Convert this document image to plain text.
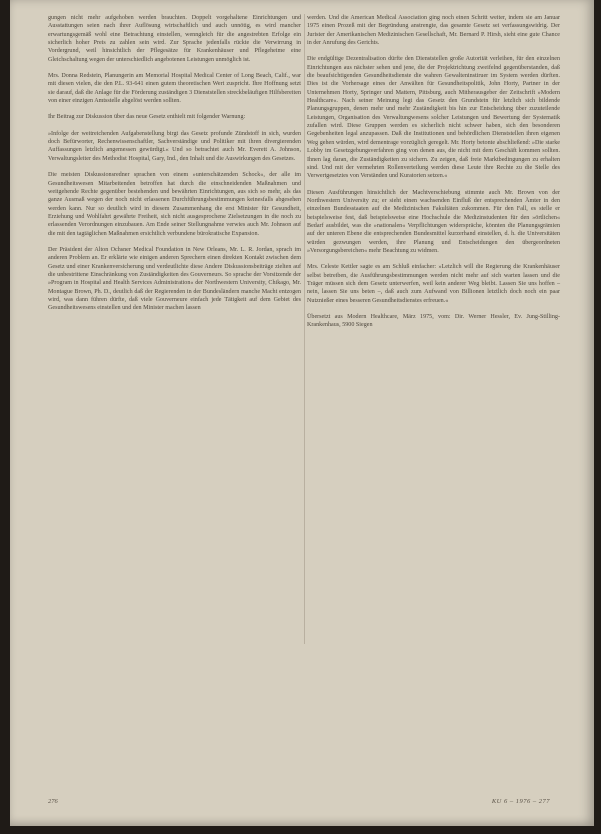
gungen nicht mehr aufgehoben werden brauchten. Doppelt vorgehaltene Einrichtungen und Ausstattungen seien nach ihrer Auflösung wirtschaftlich und auch unnötig, es wird mancher erwartungsgemäß wohl eine Betrachtung einstellen, wenngleich für die angestrebten Erfolge ein sicherlich hoher Preis zu zahlen sein wird. Zur Sprache jedenfalls rückte die Verwirrung in Vordergrund, weil hinsichtlich der Pflegesätze für Krankenhäuser und Pflegeheime eine Gleichschaltung wegen der unterschiedlich angebotenen Leistungen unmöglich ist.

Mrs. Donna Redstein, Planungerin am Memorial Hospital Medical Center of Long Beach, Calif., war mit diesen vielen, die den P.L. 93-641 einen gutem theoretischen Wert zuspricht. Ihre Hoffnung setzt sie darauf, daß die Anlage für die Förderung zuständigen 3 Dienststellen streckbeläufigen Hilfsbereiten von einer einzigen Amtsstelle abgelöst werden sollten.

Ihr Beitrag zur Diskussion über das neue Gesetz enthielt mit folgender Warnung:

»Infolge der weitreichenden Aufgabenstellung birgt das Gesetz profunde Zündstoff in sich, wurden doch Befürworter, Rechenwissenschaftler, Sachverständige und Politiker mit ihren divergierenden Auffassungen letzlich angemessen gewürdigt.« Und so betrachtet auch Mr. Everett A. Johnson, Verwaltungsleiter des Methodist Hospital, Gary, Ind., den Inhalt und die Auswirkungen des Gesetzes.

Die meisten Diskussionsredner sprachen von einem »unterschätzenden Schock«, der alle im Gesundheitswesen Mitarbeitenden betroffen hat durch die einschneidenden Maßnahmen und weitgehende Rechte gegenüber bestehenden und bewährten Einrichtungen, aus sich so mehr, als das ganze Ausmaß wegen der noch nicht erlassenen Durchführungsbestimmungen keinesfalls abgesehen werden kann. Nur so deutlich wird in diesem Zusammenhang die erst Minister für Gesundheit, Erziehung und Wohlfahrt gewährte Freiheit, sich nicht ausgesprochene Zielsetzungen in die noch zu erlassenden Verordnungen einzubauen. Am Ende seiner Stellungnahme verwies auch Mr. Johnson auf die mit den tagtäglichen Maßnahmen ersichtlich verbundene bürokratische Expansion.

Der Präsident der Alton Ochsner Medical Foundation in New Orleans, Mr. L. R. Jordan, sprach im anderen Problem an. Er erklärte wie einigen anderen Sprechern einen direkten Kontakt zwischen dem Gesetz und einer Krankenversicherung und verdeutlichte diese Andere Diskussionsbeiträge zielten auf die unbestrittene Einschränkung von Zuständigkeiten des Gouverneurs. So sprache der Vorsitzende der »Program in Hospital and Health Services Administration« der Northwestern University, Chikago, Mr. Montague Brown, Ph. D., deutlich daß der Regierenden in der Bundesländern manche Macht entzogen wird, was dann führen dürfte, daß viele Gouverneure einfach jede Tätigkeit auf dem Gebiet des Gesundheitswesens einstellen und den Minister machen lassen

werden. Und die American Medical Association ging noch einen Schritt weiter, indem sie am Januar 1975 einen Prozeß mit der Begründung anstrengte, das gesamte Gesetz sei verfassungswidrig. Der Jurister der Amerikanischen Medizinischen Gesellschaft, Mr. Bernard P. Hirsh, sieht eine gute Chance in der Anrufung des Gerichts.

Die endgültige Dezentralisation dürfte den Dienststellen große Autorität verleihen, für den einzelnen Einrichtungen aus nächster sehen und jene, die der Projektrichtung zweifelnd gegenüberstanden, daß die beaufsichtigenden Gesundheitsdienste die wahren Gewalteninstiruer im System werden dürften. Dies ist die Vorhersage eines der Anwälten für Gesundheitspolitik, John Horty, Partner in der Unternehmen Horty, Springer und Mattern, Pittsburg, auch Mitherausgeber der Zeitschrift »Modern Healthcare«. Nach seiner Meinung legt das Gesetz den Grundstein für letzlich sich bildende Planungsgruppen, denen mehr und mehr Zuständigkeit bis hin zur Entscheidung über zuzuteilende Leistungen, Organisation des Verwaltungwesens solcher Leistungen und Bewertung der Systematik zufallen wird. Diese Gruppen werden es sicherlich nicht schwer haben, sich den besonderen Gegebenheiten legal anzupassen. Daß die Institutionen und behördlichen Dienststellen ihren eigenen Weg gehen würden, wird dementrage vorzüglich geregelt. Mr. Horty betonte abschließend: »Die starke Lobby im Gesetzgebungsverfahren ging von denen aus, die nicht mit dem Geschäft kommen sollten. Ihnen lag daran, die Zuständigkeiten zu sichern. Zu zeigen, daß freie Marktbedingungen zu erhalten sind. Und mit der vermehrten Rollenverteilung werden diese Leute ihre Rechte zu die Stelle des Verwertgesetztes von Verständen und Kuratorien setzen.«

Diesen Ausführungen hinsichtlich der Machtverschiebung stimmte auch Mr. Brown von der Northwestern University zu; er sieht einen wachsenden Einfluß der entsprechenden Ämter in den einzelnen Bundesstaaten auf die Medizinischen Fakultäten zukommen. Für den Fall, es stelle er beispielsweise fest, daß beispielsweise eine Hochschule die Medizinstudenten für den »örtlichen« Bedarf ausbildet, was die »nationalen« Verpflichtungen widerspräche, könnten die Planungsgrämien auf der unteren Ebene die entsprechenden Bundesmittel kurzerhand einstellen, d. h. die Universitäten würden gezwungen werden, ihre Planung und Entscheidungen den übergeordneten »Versorgungsbereichen« mehr Beachtung zu widmen.

Mrs. Celeste Kettler sagte es am Schluß einfacher: »Letzlich will die Regierung die Krankenhäuser selbst betreiben, die Ausführungsbestimmungen werden nicht mehr auf sich warten lassen und die Träger müssen sich dem Gesetz unterwerfen, weil kein anderer Weg bleibt. Lassen Sie uns hoffen – nein, lassen Sie uns beten –, daß auch zum Aufwand von Billionen letztlich doch noch ein paar Nutznießer eines besseren Gesundheitsdienstes erfreuen.«

Übersetzt aus Modern Healthcare, März 1975, vom: Dir. Werner Hessler, Ev. Jung-Stilling-Krankenhaus, 5900 Siegen

276	KU 6 – 1976 – 277
